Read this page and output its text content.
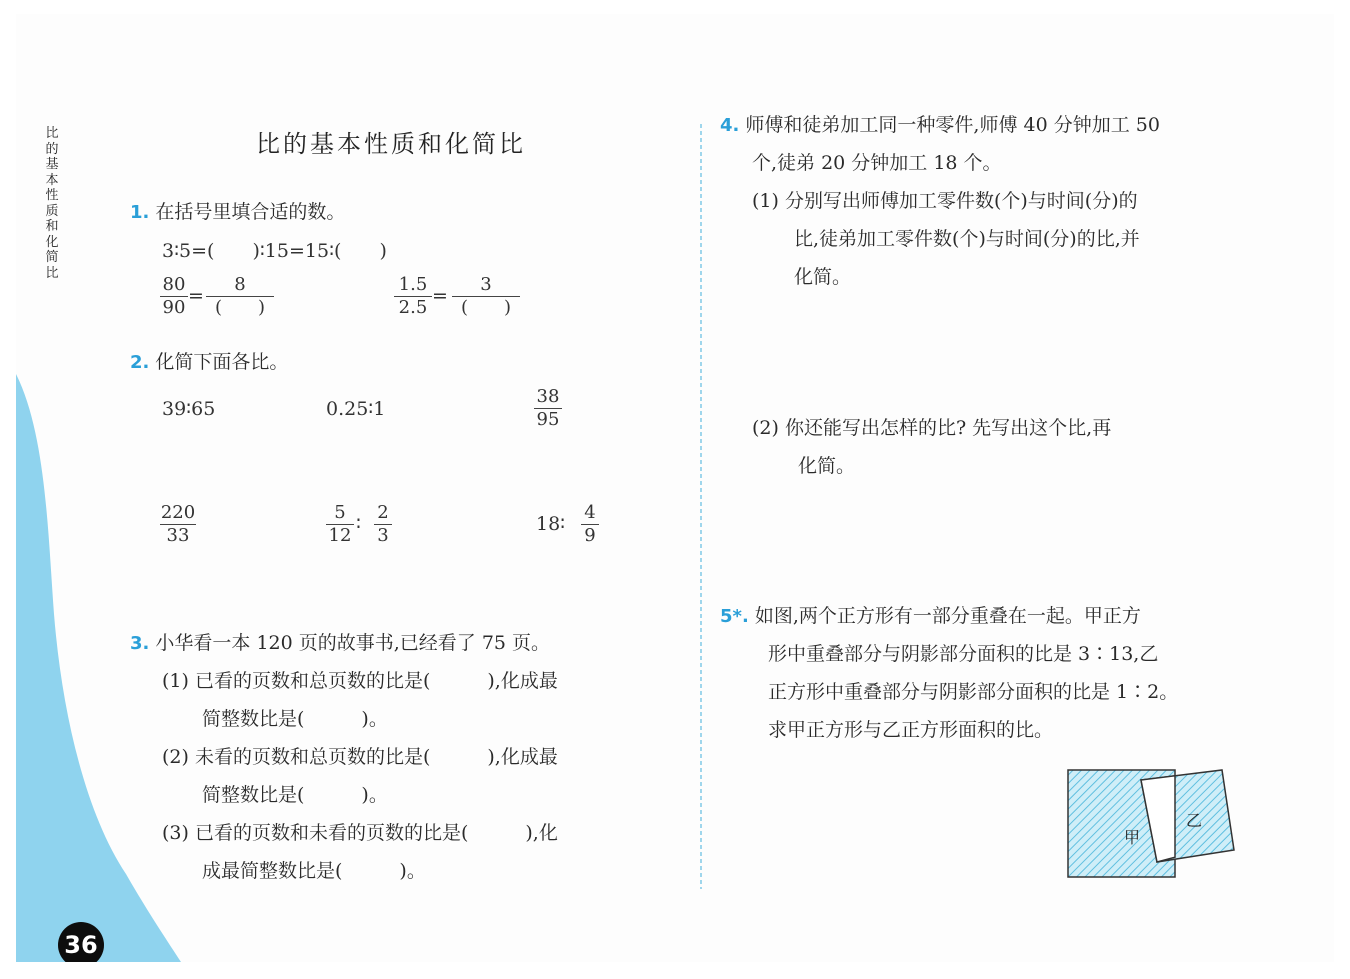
比的基本性质和化简比
比的基本性质和化简比
1. 在括号里填合适的数。
3∶5=(　　)∶15=15∶(　　)
$\frac{80}{90}$ =
8
(　　)	$\frac{1.5}{2.5}$ =
3
(　　)
2. 化简下面各比。
39∶65	0.25∶1	$\frac{38}{95}$
$\frac{220}{33}$	$\frac{5}{12}$ ∶ $\frac{2}{3}$	18∶ $\frac{4}{9}$
3. 小华看一本 120 页的故事书,已经看了 75 页。
(1) 已看的页数和总页数的比是(　　　),化成最
简整数比是(　　　)。
(2) 未看的页数和总页数的比是(　　　),化成最
简整数比是(　　　)。
(3) 已看的页数和未看的页数的比是(　　　),化
成最简整数比是(　　　)。
4. 师傅和徒弟加工同一种零件,师傅 40 分钟加工 50
个,徒弟 20 分钟加工 18 个。
(1) 分别写出师傅加工零件数(个)与时间(分)的
比,徒弟加工零件数(个)与时间(分)的比,并
化简。
(2) 你还能写出怎样的比? 先写出这个比,再
化简。
5*. 如图,两个正方形有一部分重叠在一起。甲正方
形中重叠部分与阴影部分面积的比是 3∶13,乙
正方形中重叠部分与阴影部分面积的比是 1∶2。
求甲正方形与乙正方形面积的比。
甲
乙
36
